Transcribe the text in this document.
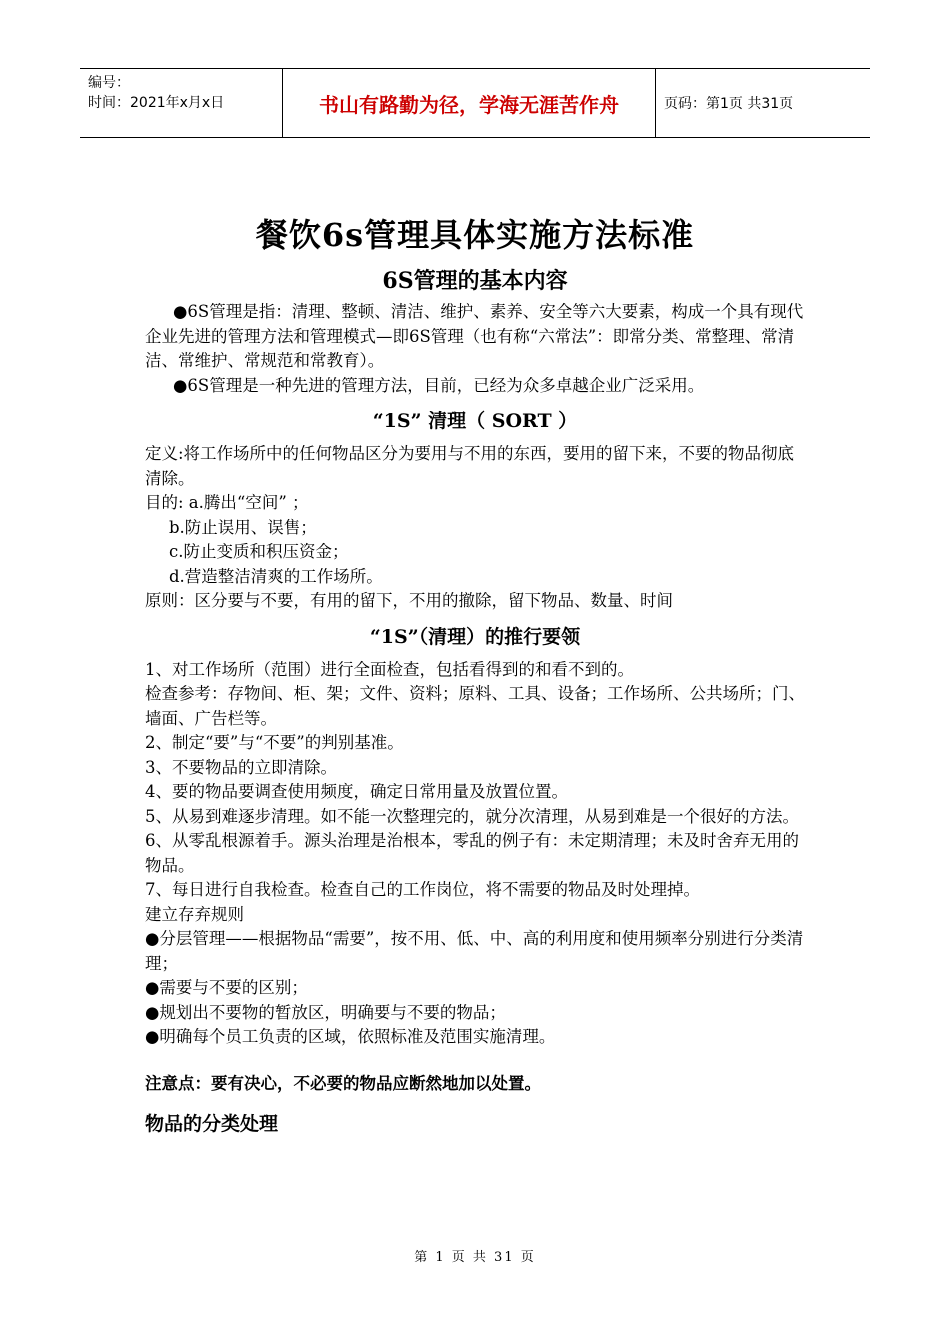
编号：
时间：2021年x月x日	书山有路勤为径，学海无涯苦作舟	页码：第1页 共31页
餐饮6s管理具体实施方法标准
6S管理的基本内容

●6S管理是指：清理、整顿、清洁、维护、素养、安全等六大要素，构成一个具有现代企业先进的管理方法和管理模式—即6S管理（也有称“六常法”：即常分类、常整理、常清洁、常维护、常规范和常教育）。

●6S管理是一种先进的管理方法，目前，已经为众多卓越企业广泛采用。

“1S” 清理（ SORT ）

定义:将工作场所中的任何物品区分为要用与不用的东西，要用的留下来，不要的物品彻底清除。

目的: a.腾出“空间” ；

b.防止误用、误售；

c.防止变质和积压资金；

d.营造整洁清爽的工作场所。

原则：区分要与不要，有用的留下，不用的撤除，留下物品、数量、时间

“1S”（清理）的推行要领

1、对工作场所（范围）进行全面检查，包括看得到的和看不到的。

检查参考：存物间、柜、架；文件、资料；原料、工具、设备；工作场所、公共场所；门、墙面、广告栏等。

2、制定“要”与“不要”的判别基准。

3、不要物品的立即清除。

4、要的物品要调查使用频度，确定日常用量及放置位置。

5、从易到难逐步清理。如不能一次整理完的，就分次清理，从易到难是一个很好的方法。

6、从零乱根源着手。源头治理是治根本，零乱的例子有：未定期清理；未及时舍弃无用的物品。

7、每日进行自我检查。检查自己的工作岗位，将不需要的物品及时处理掉。

建立存弃规则

●分层管理——根据物品“需要”，按不用、低、中、高的利用度和使用频率分别进行分类清理；

●需要与不要的区别；

●规划出不要物的暂放区，明确要与不要的物品；

●明确每个员工负责的区域，依照标准及范围实施清理。

注意点：要有决心，不必要的物品应断然地加以处置。
物品的分类处理
第 1 页 共 31 页
